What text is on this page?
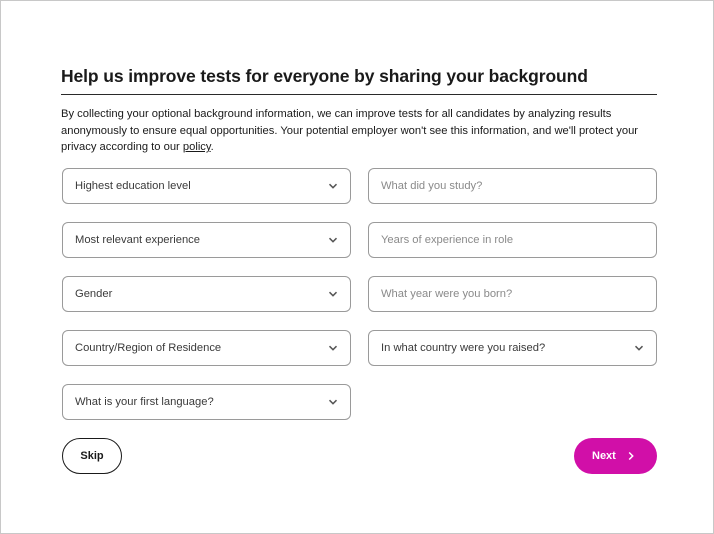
Help us improve tests for everyone by sharing your background

By collecting your optional background information, we can improve tests for all candidates by analyzing results anonymously to ensure equal opportunities. Your potential employer won't see this information, and we'll protect your privacy according to our policy.

Highest education level	What did you study?
Most relevant experience	Years of experience in role
Gender	What year were you born?
Country/Region of Residence	In what country were you raised?
What is your first language?
Skip	Next
